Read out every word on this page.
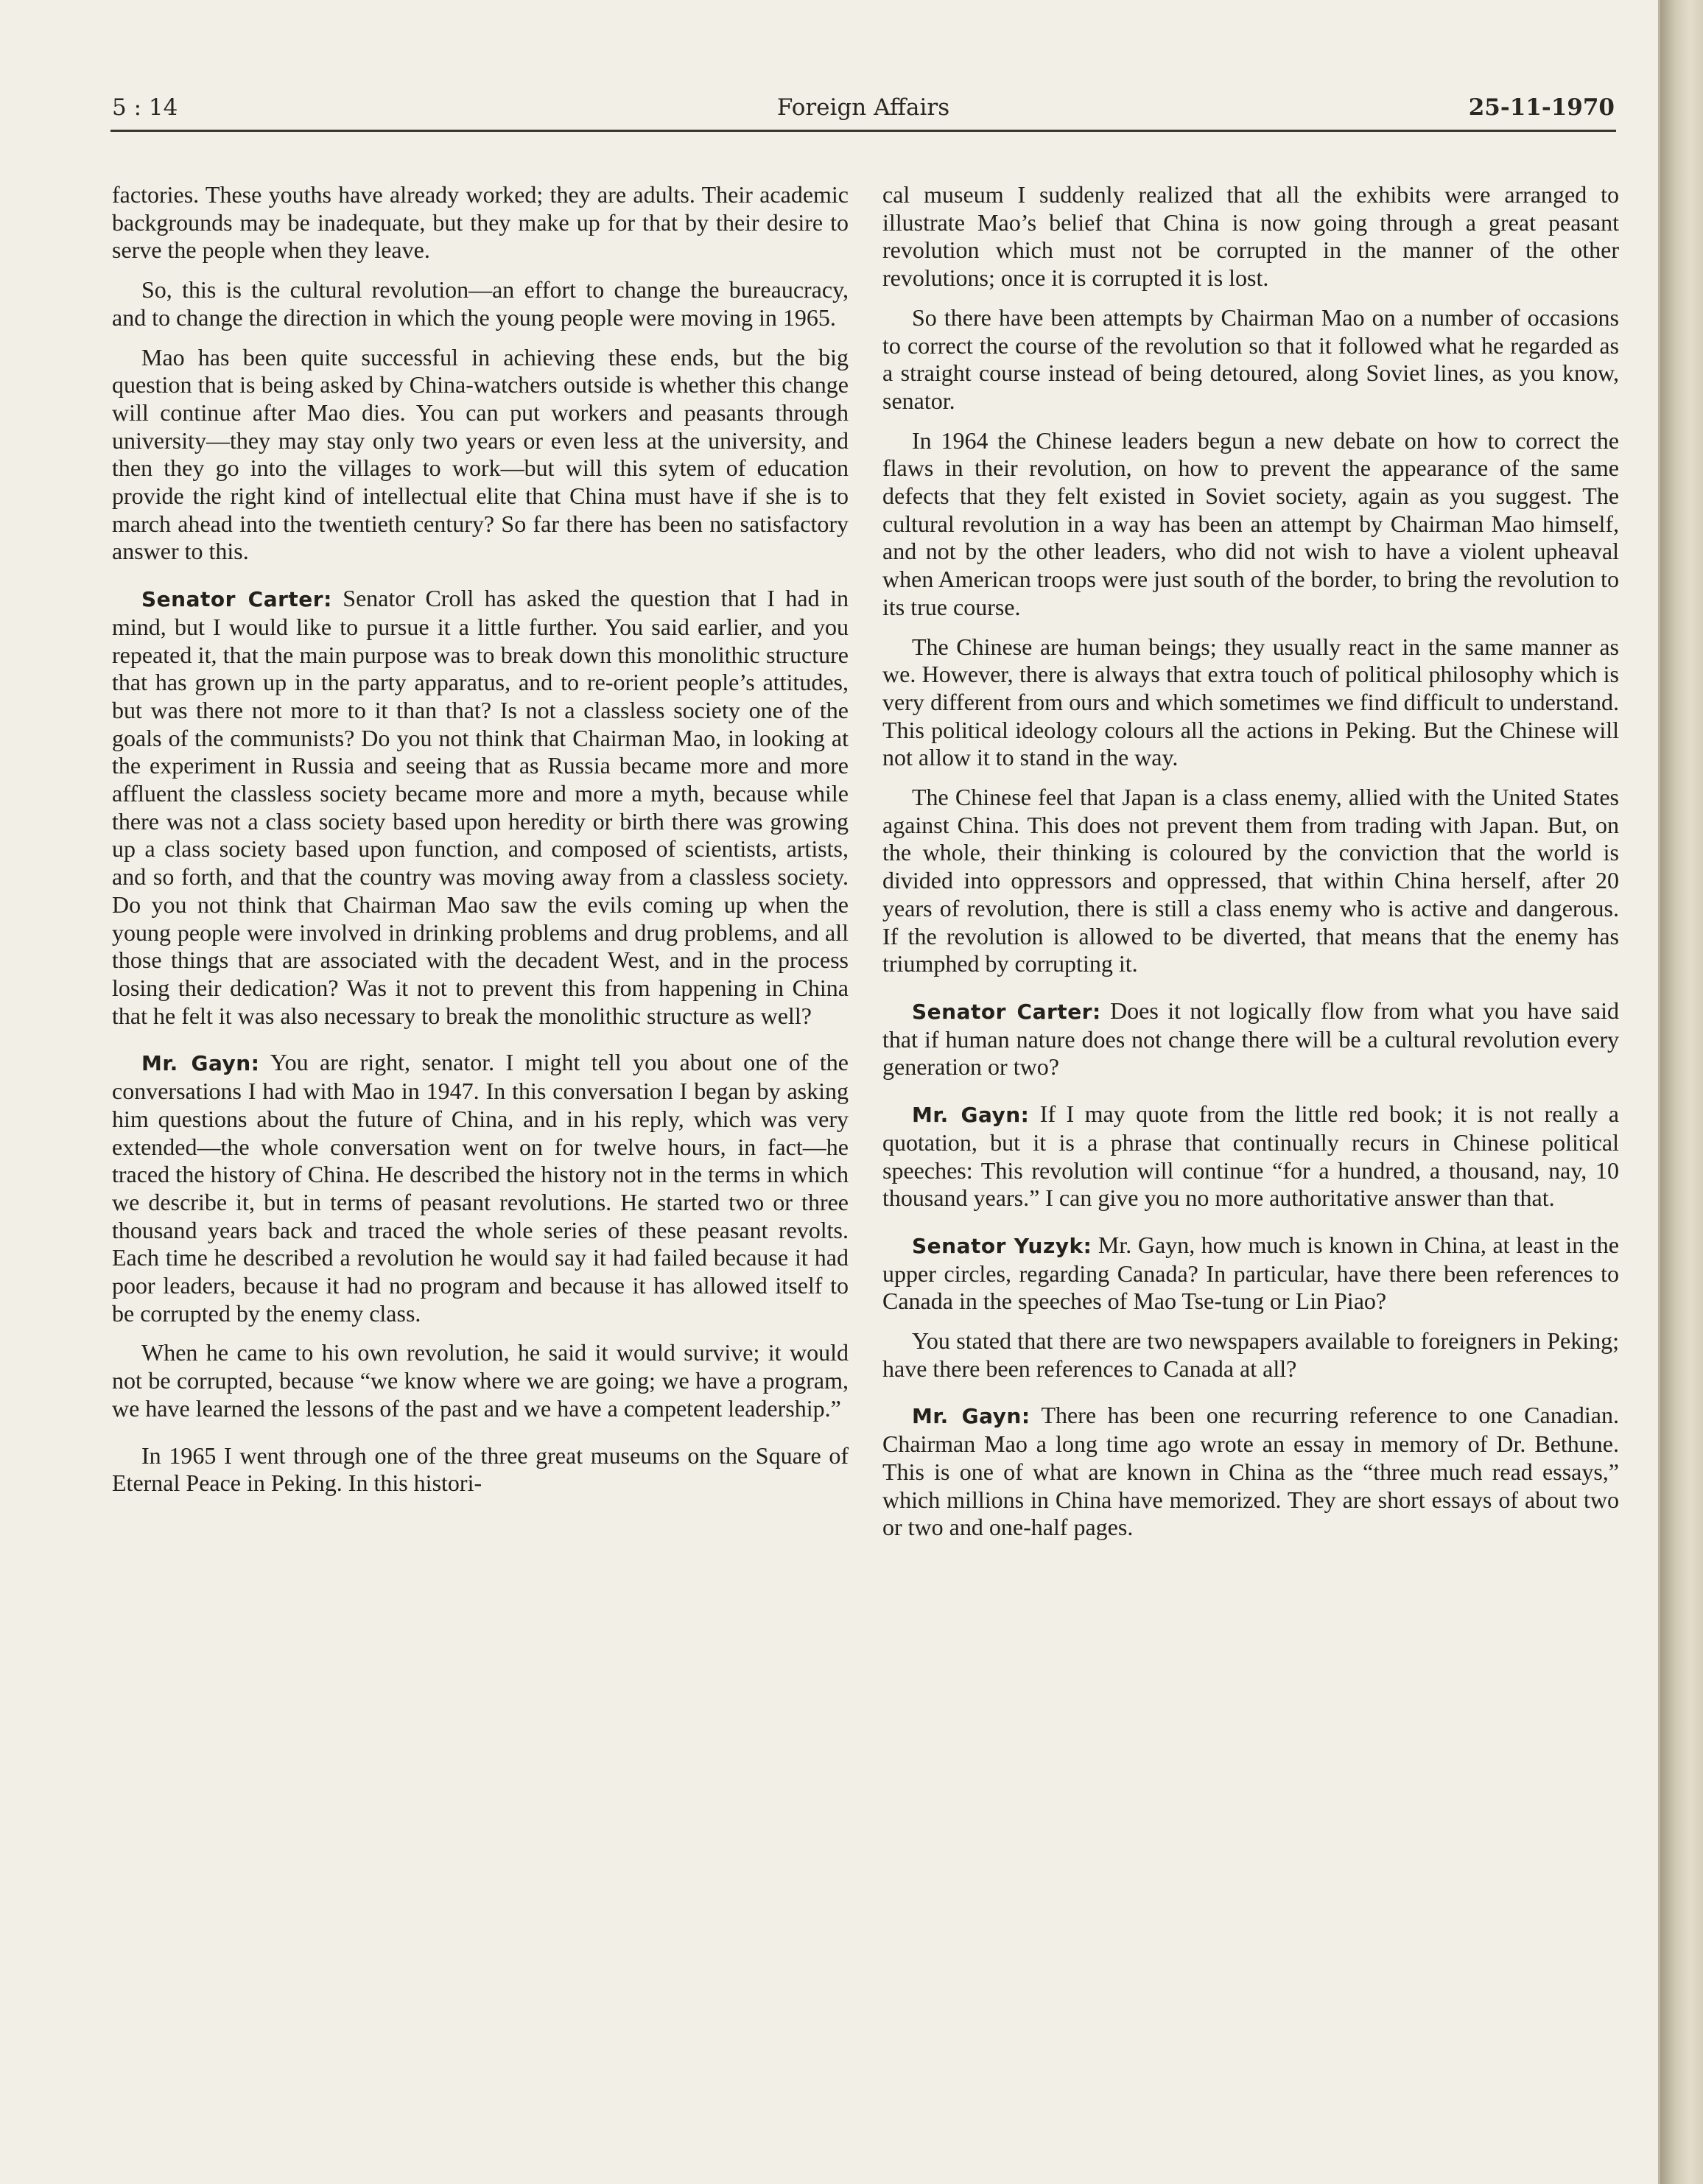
Foreign Affairs
5 : 14	25-11-1970

factories. These youths have already worked; they are adults. Their academic backgrounds may be inadequate, but they make up for that by their desire to serve the people when they leave.

So, this is the cultural revolution—an effort to change the bureaucracy, and to change the direction in which the young people were moving in 1965.

Mao has been quite successful in achieving these ends, but the big question that is being asked by China-watchers outside is whether this change will continue after Mao dies. You can put workers and peasants through university—they may stay only two years or even less at the university, and then they go into the villages to work—but will this sytem of education provide the right kind of intellectual elite that China must have if she is to march ahead into the twentieth century? So far there has been no satisfactory answer to this.

Senator Carter: Senator Croll has asked the question that I had in mind, but I would like to pursue it a little further. You said earlier, and you repeated it, that the main purpose was to break down this monolithic structure that has grown up in the party apparatus, and to re-orient people’s attitudes, but was there not more to it than that? Is not a classless society one of the goals of the communists? Do you not think that Chairman Mao, in looking at the experiment in Russia and seeing that as Russia became more and more affluent the classless society became more and more a myth, because while there was not a class society based upon heredity or birth there was growing up a class society based upon function, and composed of scientists, artists, and so forth, and that the country was moving away from a classless society. Do you not think that Chairman Mao saw the evils coming up when the young people were involved in drinking problems and drug problems, and all those things that are associated with the decadent West, and in the process losing their dedication? Was it not to prevent this from happening in China that he felt it was also necessary to break the monolithic structure as well?

Mr. Gayn: You are right, senator. I might tell you about one of the conversations I had with Mao in 1947. In this conversation I began by asking him questions about the future of China, and in his reply, which was very extended—the whole conversation went on for twelve hours, in fact—he traced the history of China. He described the history not in the terms in which we describe it, but in terms of peasant revolutions. He started two or three thousand years back and traced the whole series of these peasant revolts. Each time he described a revolution he would say it had failed because it had poor leaders, because it had no program and because it has allowed itself to be corrupted by the enemy class.

When he came to his own revolution, he said it would survive; it would not be corrupted, because “we know where we are going; we have a program, we have learned the lessons of the past and we have a competent leadership.”

In 1965 I went through one of the three great museums on the Square of Eternal Peace in Peking. In this histori-

cal museum I suddenly realized that all the exhibits were arranged to illustrate Mao’s belief that China is now going through a great peasant revolution which must not be corrupted in the manner of the other revolutions; once it is corrupted it is lost.

So there have been attempts by Chairman Mao on a number of occasions to correct the course of the revolution so that it followed what he regarded as a straight course instead of being detoured, along Soviet lines, as you know, senator.

In 1964 the Chinese leaders begun a new debate on how to correct the flaws in their revolution, on how to prevent the appearance of the same defects that they felt existed in Soviet society, again as you suggest. The cultural revolution in a way has been an attempt by Chairman Mao himself, and not by the other leaders, who did not wish to have a violent upheaval when American troops were just south of the border, to bring the revolution to its true course.

The Chinese are human beings; they usually react in the same manner as we. However, there is always that extra touch of political philosophy which is very different from ours and which sometimes we find difficult to understand. This political ideology colours all the actions in Peking. But the Chinese will not allow it to stand in the way.

The Chinese feel that Japan is a class enemy, allied with the United States against China. This does not prevent them from trading with Japan. But, on the whole, their thinking is coloured by the conviction that the world is divided into oppressors and oppressed, that within China herself, after 20 years of revolution, there is still a class enemy who is active and dangerous. If the revolution is allowed to be diverted, that means that the enemy has triumphed by corrupting it.

Senator Carter: Does it not logically flow from what you have said that if human nature does not change there will be a cultural revolution every generation or two?

Mr. Gayn: If I may quote from the little red book; it is not really a quotation, but it is a phrase that continually recurs in Chinese political speeches: This revolution will continue “for a hundred, a thousand, nay, 10 thousand years.” I can give you no more authoritative answer than that.

Senator Yuzyk: Mr. Gayn, how much is known in China, at least in the upper circles, regarding Canada? In particular, have there been references to Canada in the speeches of Mao Tse-tung or Lin Piao?

You stated that there are two newspapers available to foreigners in Peking; have there been references to Canada at all?

Mr. Gayn: There has been one recurring reference to one Canadian. Chairman Mao a long time ago wrote an essay in memory of Dr. Bethune. This is one of what are known in China as the “three much read essays,” which millions in China have memorized. They are short essays of about two or two and one-half pages.
